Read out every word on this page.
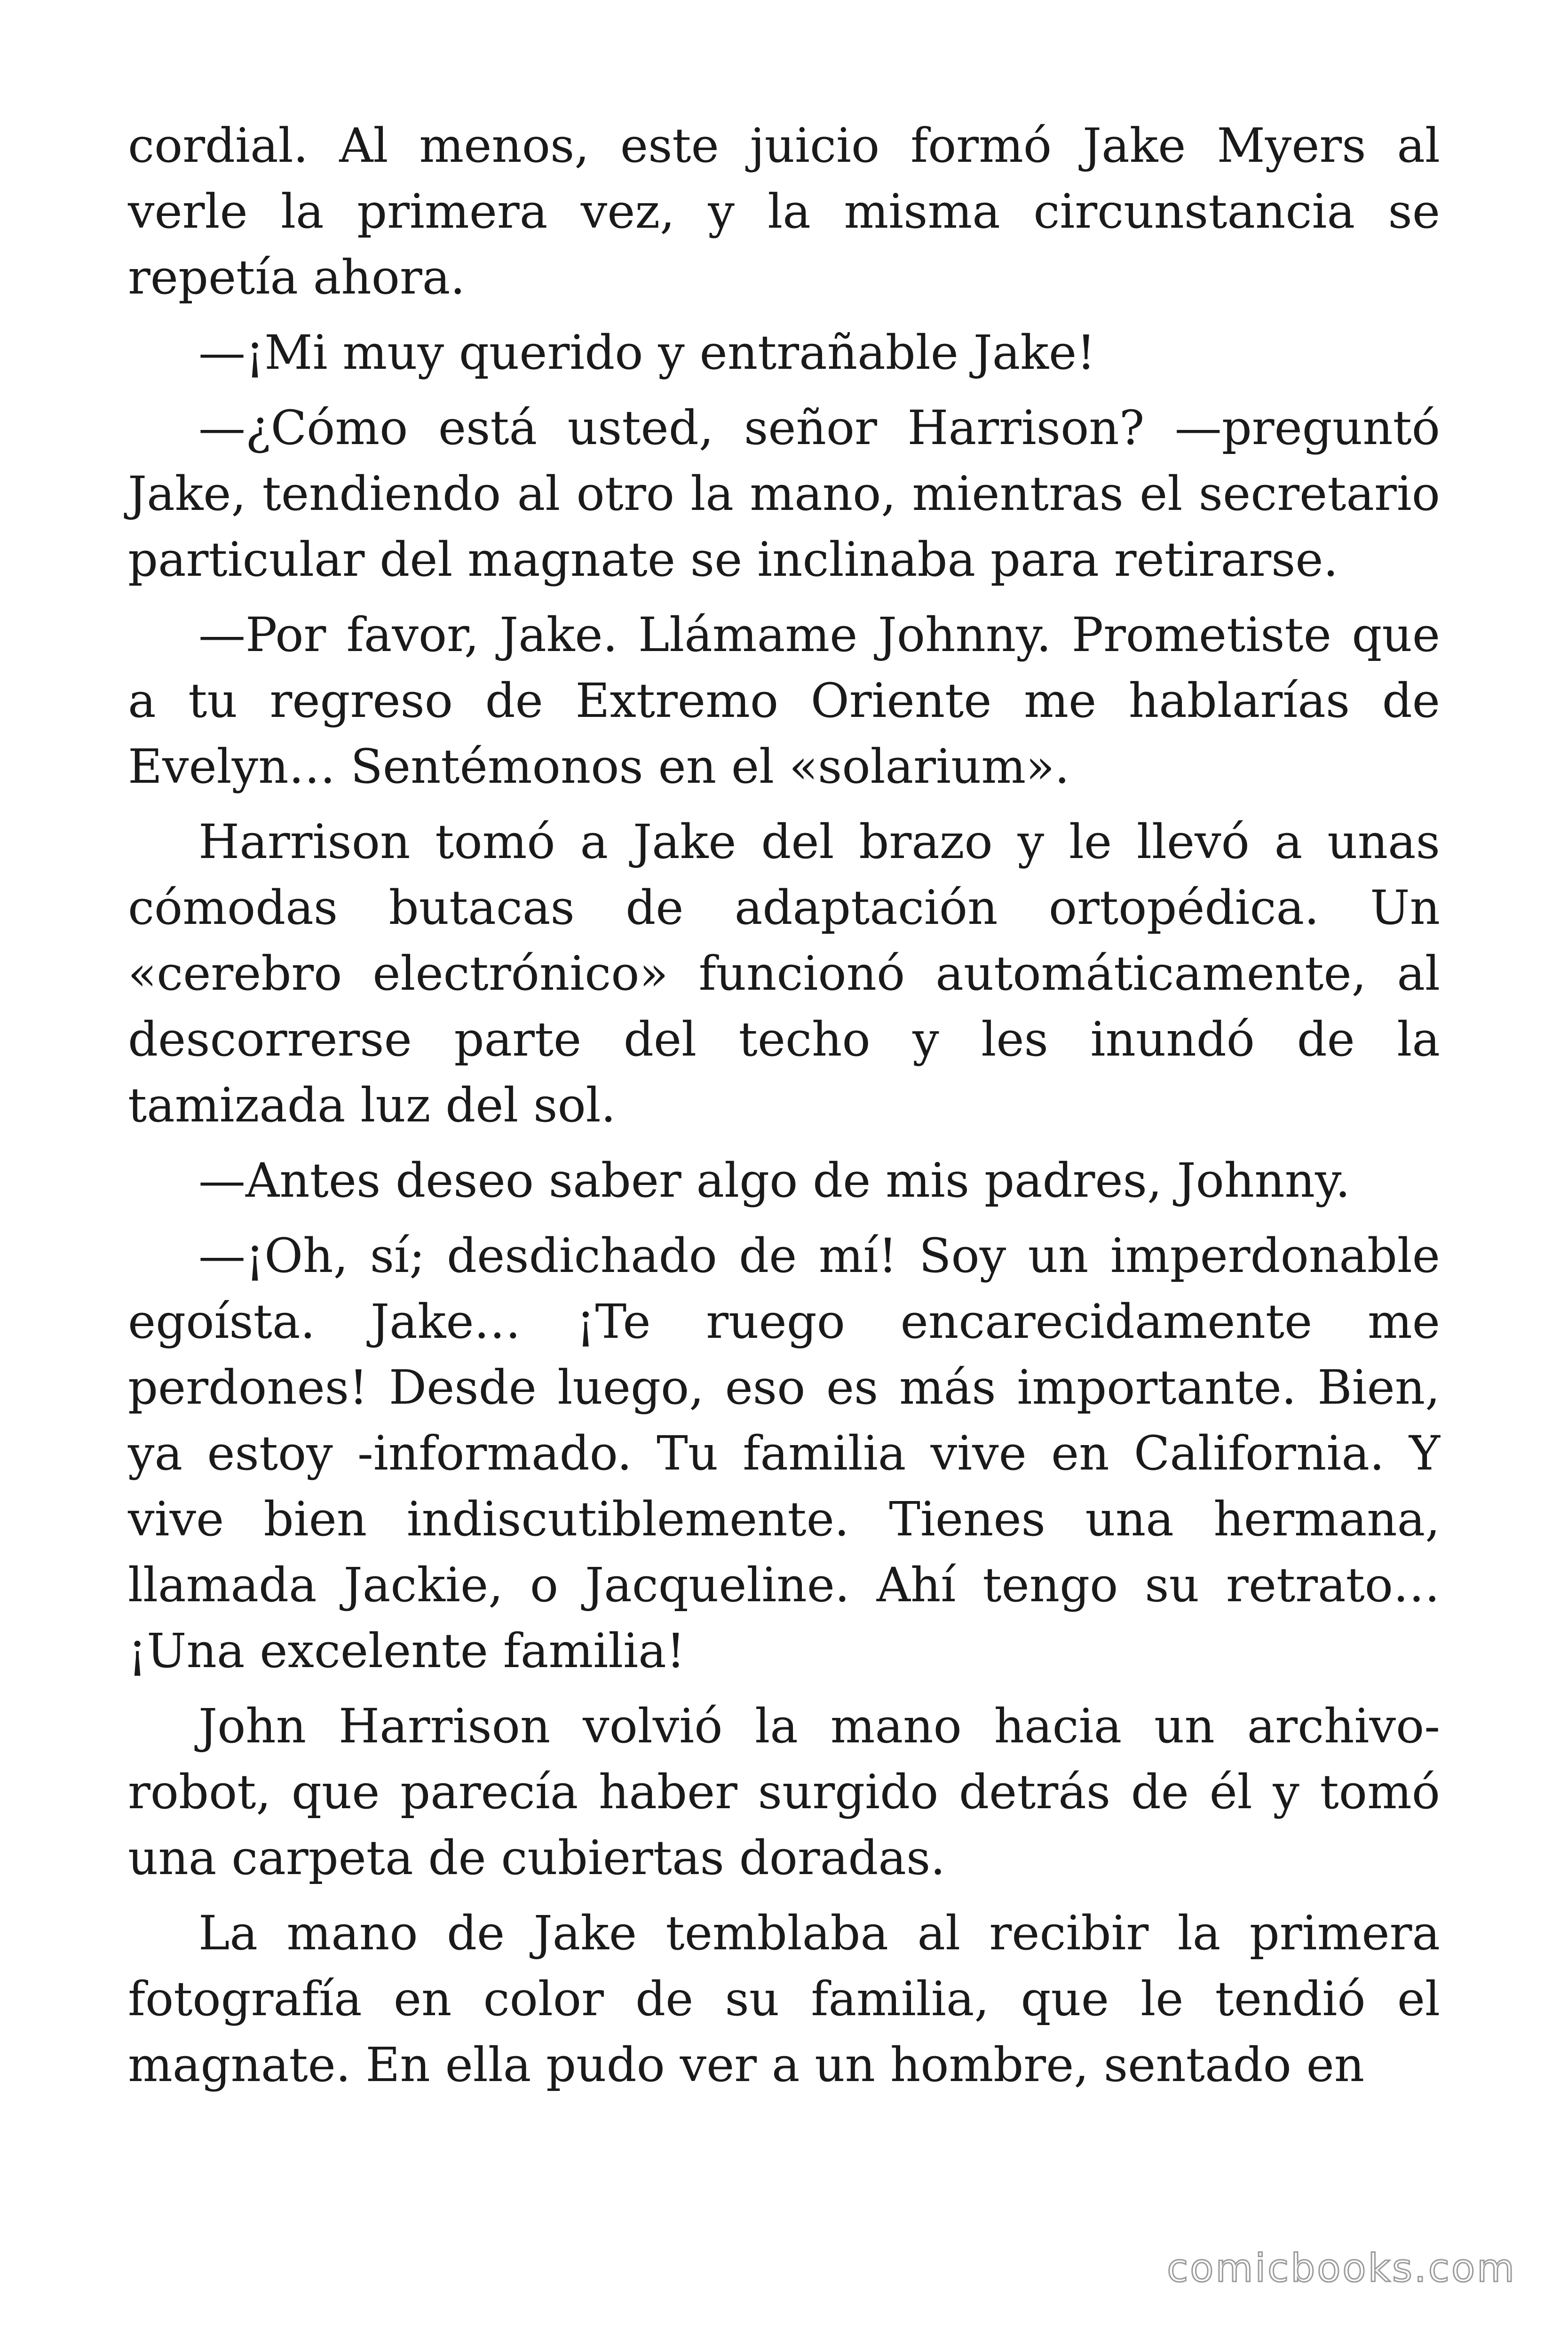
cordial. Al menos, este juicio formó Jake Myers al verle la primera vez, y la misma circunstancia se repetía ahora.

—¡Mi muy querido y entrañable Jake!

—¿Cómo está usted, señor Harrison? —preguntó Jake, tendiendo al otro la mano, mientras el secretario particular del magnate se inclinaba para retirarse.

—Por favor, Jake. Llámame Johnny. Prometiste que a tu regreso de Extremo Oriente me hablarías de Evelyn… Sentémonos en el «solarium».

Harrison tomó a Jake del brazo y le llevó a unas cómodas butacas de adaptación ortopédica. Un «cerebro electrónico» funcionó automáticamente, al descorrerse parte del techo y les inundó de la tamizada luz del sol.

—Antes deseo saber algo de mis padres, Johnny.

—¡Oh, sí; desdichado de mí! Soy un imperdonable egoísta. Jake… ¡Te ruego encarecidamente me perdones! Desde luego, eso es más importante. Bien, ya estoy -informado. Tu familia vive en California. Y vive bien indiscutiblemente. Tienes una hermana, llamada Jackie, o Jacqueline. Ahí tengo su retrato… ¡Una excelente familia!

John Harrison volvió la mano hacia un archivo-robot, que parecía haber surgido detrás de él y tomó una carpeta de cubiertas doradas.

La mano de Jake temblaba al recibir la primera fotografía en color de su familia, que le tendió el magnate. En ella pudo ver a un hombre, sentado en

comicbooks.com
